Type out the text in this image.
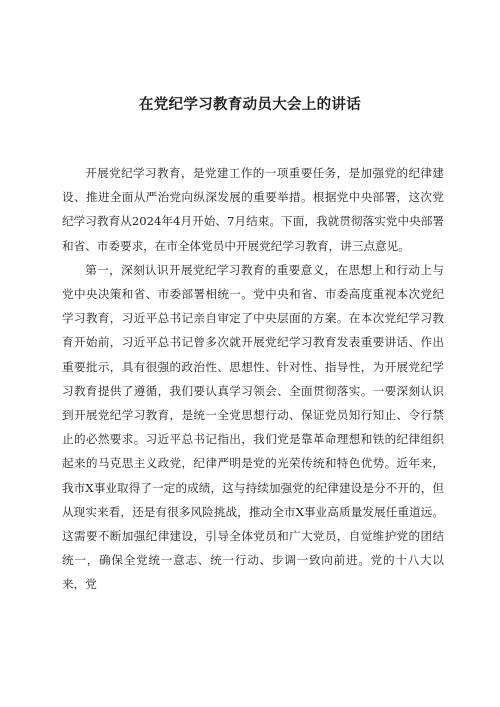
在党纪学习教育动员大会上的讲话

开展党纪学习教育，是党建工作的一项重要任务，是加强党的纪律建设、推进全面从严治党向纵深发展的重要举措。根据党中央部署，这次党纪学习教育从2024年4月开始、7月结束。下面，我就贯彻落实党中央部署和省、市委要求，在市全体党员中开展党纪学习教育，讲三点意见。

第一，深刻认识开展党纪学习教育的重要意义，在思想上和行动上与党中央决策和省、市委部署相统一。党中央和省、市委高度重视本次党纪学习教育，习近平总书记亲自审定了中央层面的方案。在本次党纪学习教育开始前，习近平总书记曾多次就开展党纪学习教育发表重要讲话、作出重要批示，具有很强的政治性、思想性、针对性、指导性，为开展党纪学习教育提供了遵循，我们要认真学习领会、全面贯彻落实。一要深刻认识到开展党纪学习教育，是统一全党思想行动、保证党员知行知止、令行禁止的必然要求。习近平总书记指出，我们党是靠革命理想和铁的纪律组织起来的马克思主义政党，纪律严明是党的光荣传统和特色优势。近年来，我市X事业取得了一定的成绩，这与持续加强党的纪律建设是分不开的，但从现实来看，还是有很多风险挑战，推动全市X事业高质量发展任重道远。这需要不断加强纪律建设，引导全体党员和广大党员，自觉维护党的团结统一，确保全党统一意志、统一行动、步调一致向前进。党的十八大以来，党
